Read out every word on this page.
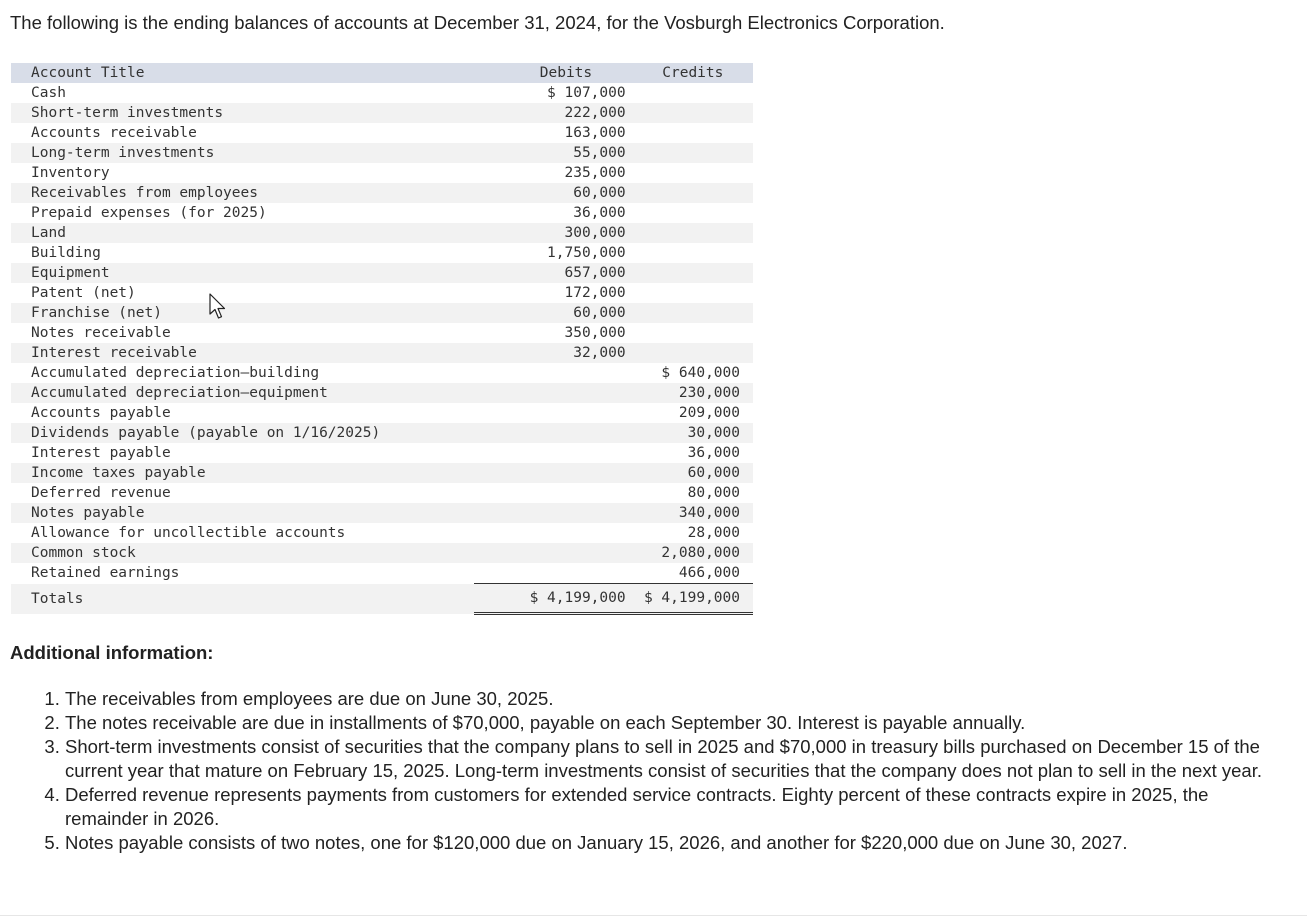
The following is the ending balances of accounts at December 31, 2024, for the Vosburgh Electronics Corporation.

Account Title	Debits	Credits
Cash	$ 107,000	
Short-term investments	222,000	
Accounts receivable	163,000	
Long-term investments	55,000	
Inventory	235,000	
Receivables from employees	60,000	
Prepaid expenses (for 2025)	36,000	
Land	300,000	
Building	1,750,000	
Equipment	657,000	
Patent (net)	172,000	
Franchise (net)	60,000	
Notes receivable	350,000	
Interest receivable	32,000	
Accumulated depreciation—building		$ 640,000
Accumulated depreciation—equipment		230,000
Accounts payable		209,000
Dividends payable (payable on 1/16/2025)		30,000
Interest payable		36,000
Income taxes payable		60,000
Deferred revenue		80,000
Notes payable		340,000
Allowance for uncollectible accounts		28,000
Common stock		2,080,000
Retained earnings		466,000
Totals	$ 4,199,000	$ 4,199,000

Additional information:

1. The receivables from employees are due on June 30, 2025.
2. The notes receivable are due in installments of $70,000, payable on each September 30. Interest is payable annually.
3. Short-term investments consist of securities that the company plans to sell in 2025 and $70,000 in treasury bills purchased on December 15 of the current year that mature on February 15, 2025. Long-term investments consist of securities that the company does not plan to sell in the next year.
4. Deferred revenue represents payments from customers for extended service contracts. Eighty percent of these contracts expire in 2025, the remainder in 2026.
5. Notes payable consists of two notes, one for $120,000 due on January 15, 2026, and another for $220,000 due on June 30, 2027.
